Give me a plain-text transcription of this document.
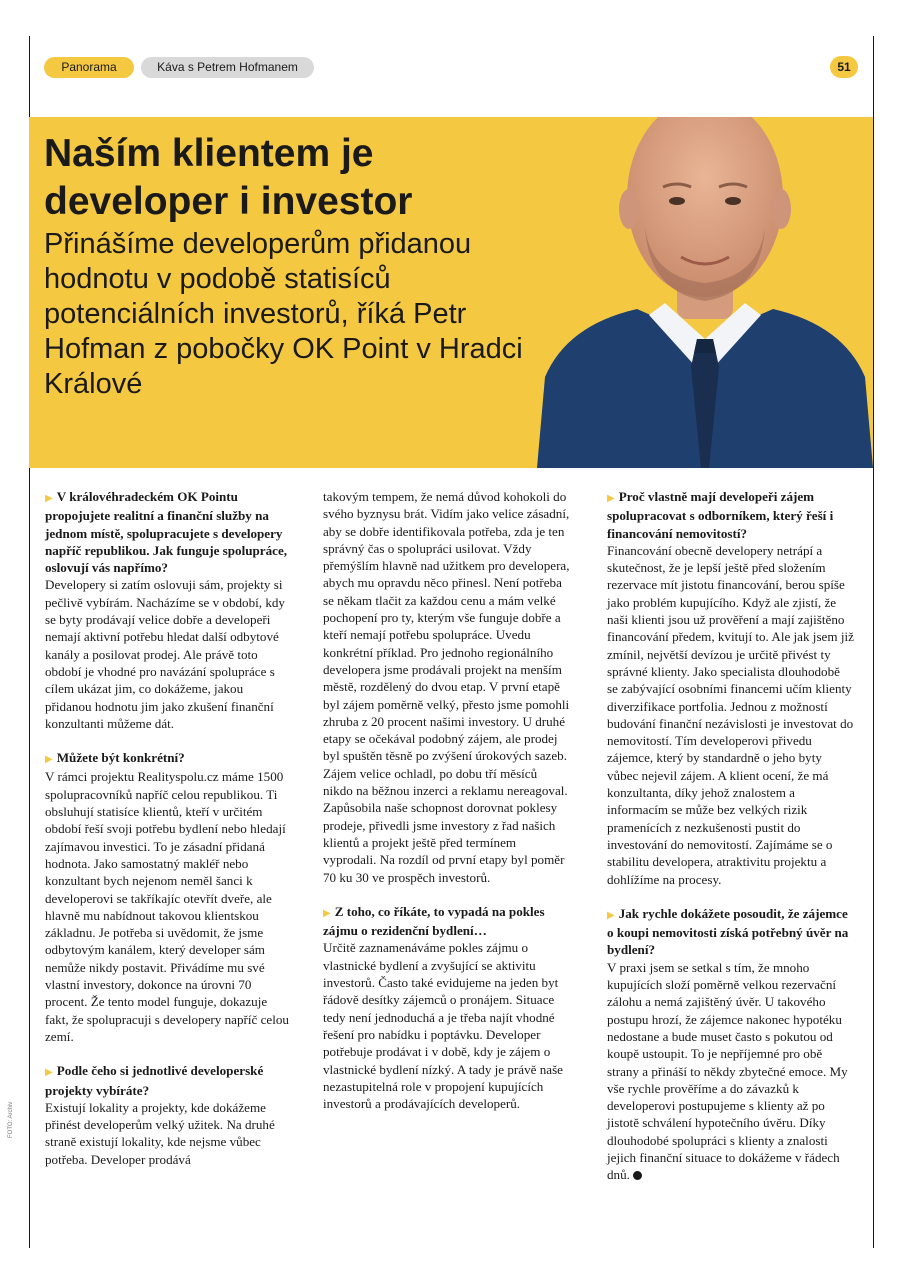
Panorama	Káva s Petrem Hofmanem	51
Naším klientem je developer i investor
Přinášíme developerům přidanou hodnotu v podobě statisíců potenciálních investorů, říká Petr Hofman z pobočky OK Point v Hradci Králové

▶ V královéhradeckém OK Pointu propojujete realitní a finanční služby na jednom místě, spolupracujete s developery napříč republikou. Jak funguje spolupráce, oslovují vás napřímo?
Developery si zatím oslovuji sám, projekty si pečlivě vybírám. Nacházíme se v období, kdy se byty prodávají velice dobře a developeři nemají aktivní potřebu hledat další odbytové kanály a posilovat prodej. Ale právě toto období je vhodné pro navázání spolupráce s cílem ukázat jim, co dokážeme, jakou přidanou hodnotu jim jako zkušení finanční konzultanti můžeme dát.

▶ Můžete být konkrétní?
V rámci projektu Realityspolu.cz máme 1500 spolupracovníků napříč celou republikou. Ti obsluhují statisíce klientů, kteří v určitém období řeší svoji potřebu bydlení nebo hledají zajímavou investici. To je zásadní přidaná hodnota. Jako samostatný makléř nebo konzultant bych nejenom neměl šanci k developerovi se takříkajíc otevřít dveře, ale hlavně mu nabídnout takovou klientskou základnu. Je potřeba si uvědomit, že jsme odbytovým kanálem, který developer sám nemůže nikdy postavit. Přivádíme mu své vlastní investory, dokonce na úrovni 70 procent. Že tento model funguje, dokazuje fakt, že spolupracuji s developery napříč celou zemí.

▶ Podle čeho si jednotlivé developerské projekty vybíráte?
Existují lokality a projekty, kde dokážeme přinést developerům velký užitek. Na druhé straně existují lokality, kde nejsme vůbec potřeba. Developer prodává

takovým tempem, že nemá důvod kohokoli do svého byznysu brát. Vidím jako velice zásadní, aby se dobře identifikovala potřeba, zda je ten správný čas o spolupráci usilovat. Vždy přemýšlím hlavně nad užitkem pro developera, abych mu opravdu něco přinesl. Není potřeba se někam tlačit za každou cenu a mám velké pochopení pro ty, kterým vše funguje dobře a kteří nemají potřebu spolupráce. Uvedu konkrétní příklad. Pro jednoho regionálního developera jsme prodávali projekt na menším městě, rozdělený do dvou etap. V první etapě byl zájem poměrně velký, přesto jsme pomohli zhruba z 20 procent našimi investory. U druhé etapy se očekával podobný zájem, ale prodej byl spuštěn těsně po zvýšení úrokových sazeb. Zájem velice ochladl, po dobu tří měsíců nikdo na běžnou inzerci a reklamu nereagoval. Zapůsobila naše schopnost dorovnat poklesy prodeje, přivedli jsme investory z řad našich klientů a projekt ještě před termínem vyprodali. Na rozdíl od první etapy byl poměr 70 ku 30 ve prospěch investorů.

▶ Z toho, co říkáte, to vypadá na pokles zájmu o rezidenční bydlení…
Určitě zaznamenáváme pokles zájmu o vlastnické bydlení a zvyšující se aktivitu investorů. Často také evidujeme na jeden byt řádově desítky zájemců o pronájem. Situace tedy není jednoduchá a je třeba najít vhodné řešení pro nabídku i poptávku. Developer potřebuje prodávat i v době, kdy je zájem o vlastnické bydlení nízký. A tady je právě naše nezastupitelná role v propojení kupujících investorů a prodávajících developerů.

▶ Proč vlastně mají developeři zájem spolupracovat s odborníkem, který řeší i financování nemovitostí?
Financování obecně developery netrápí a skutečnost, že je lepší ještě před složením rezervace mít jistotu financování, berou spíše jako problém kupujícího. Když ale zjistí, že naši klienti jsou už prověření a mají zajištěno financování předem, kvitují to. Ale jak jsem již zmínil, největší devízou je určitě přivést ty správné klienty. Jako specialista dlouhodobě se zabývající osobními financemi učím klienty diverzifikace portfolia. Jednou z možností budování finanční nezávislosti je investovat do nemovitostí. Tím developerovi přivedu zájemce, který by standardně o jeho byty vůbec nejevil zájem. A klient ocení, že má konzultanta, díky jehož znalostem a informacím se může bez velkých rizik pramenících z nezkušenosti pustit do investování do nemovitostí. Zajímáme se o stabilitu developera, atraktivitu projektu a dohlížíme na procesy.

▶ Jak rychle dokážete posoudit, že zájemce o koupi nemovitosti získá potřebný úvěr na bydlení?
V praxi jsem se setkal s tím, že mnoho kupujících složí poměrně velkou rezervační zálohu a nemá zajištěný úvěr. U takového postupu hrozí, že zájemce nakonec hypotéku nedostane a bude muset často s pokutou od koupě ustoupit. To je nepříjemné pro obě strany a přináší to někdy zbytečné emoce. My vše rychle prověříme a do závazků k developerovi postupujeme s klienty až po jistotě schválení hypotečního úvěru. Díky dlouhodobé spolupráci s klienty a znalosti jejich finanční situace to dokážeme v řádech dnů.

FOTO: Archiv
